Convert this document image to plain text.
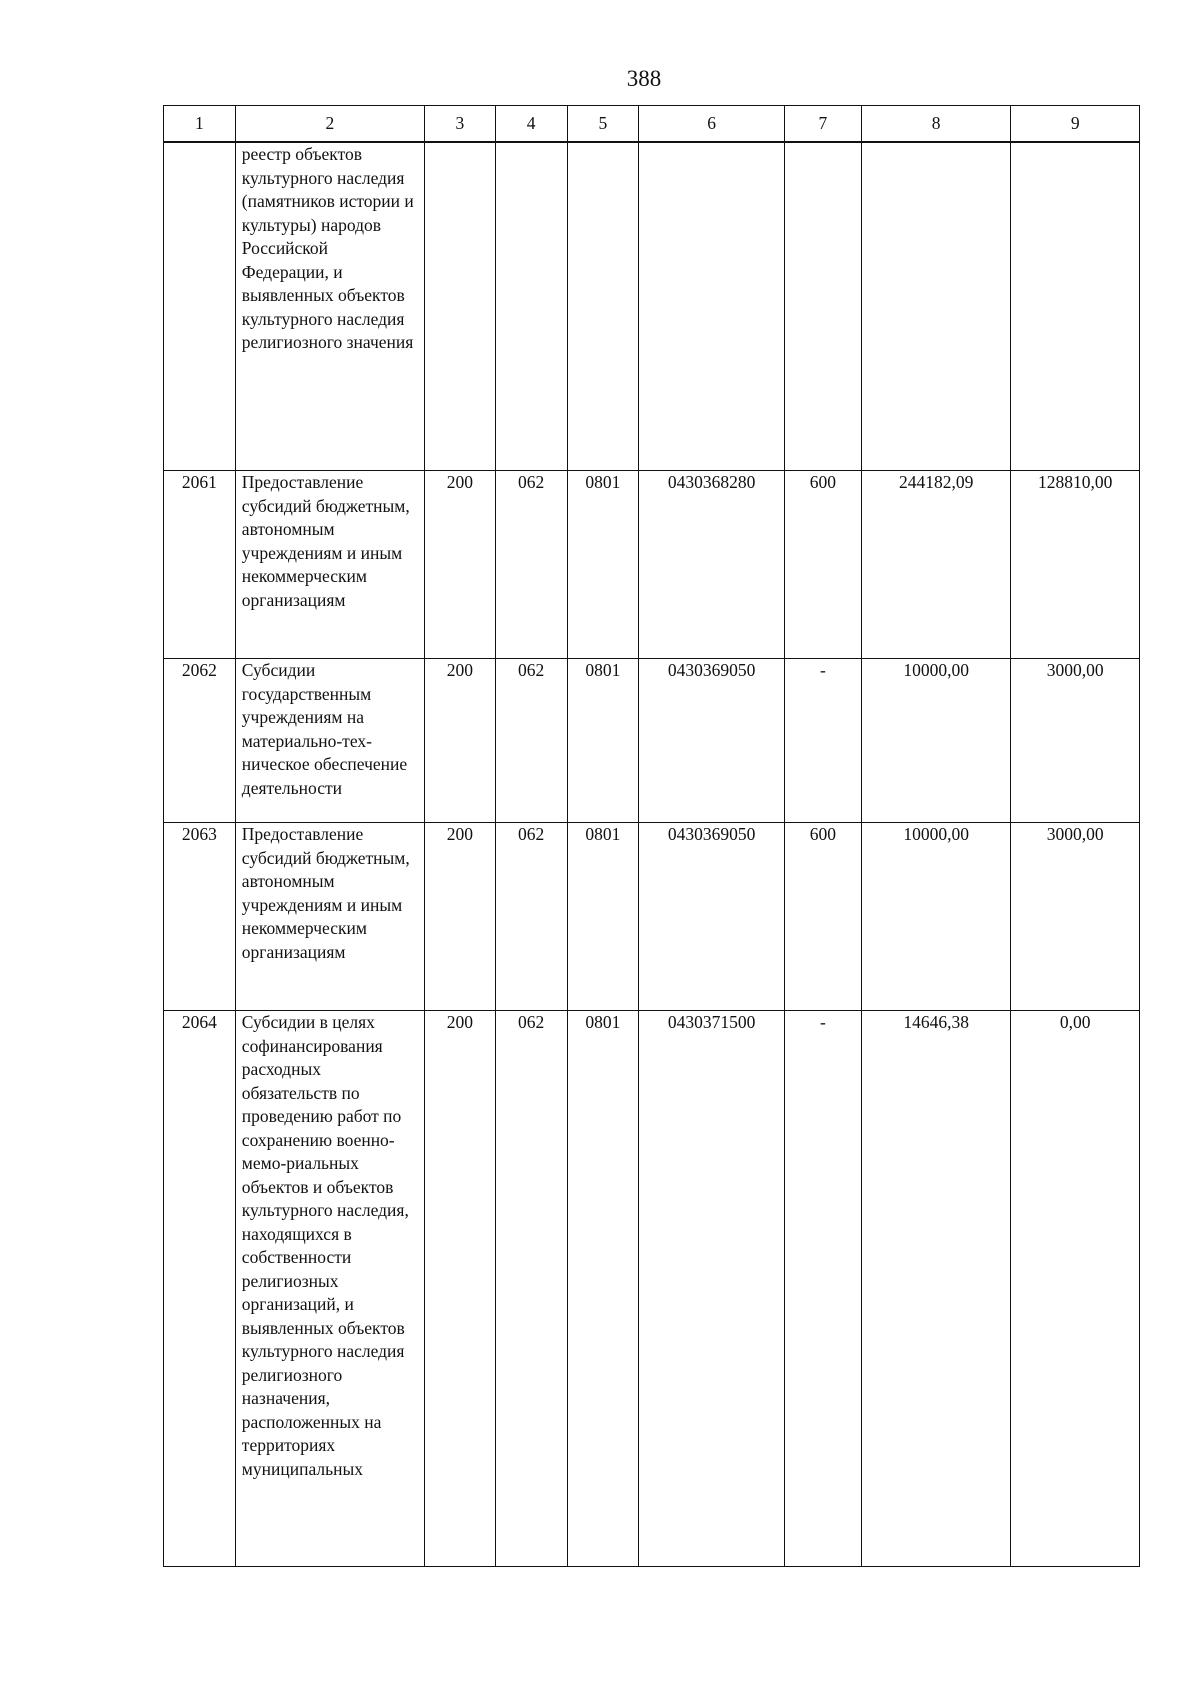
388
1	2	3	4	5	6	7	8	9
	реестр объектов культурного наследия (памятников истории и культуры) народов Российской Федерации, и выявленных объектов культурного наследия религиозного значения							
2061	Предоставление субсидий бюджетным, автономным учреждениям и иным некоммерческим организациям	200	062	0801	0430368280	600	244182,09	128810,00
2062	Субсидии государственным учреждениям на материально-тех-ническое обеспечение деятельности	200	062	0801	0430369050	-	10000,00	3000,00
2063	Предоставление субсидий бюджетным, автономным учреждениям и иным некоммерческим организациям	200	062	0801	0430369050	600	10000,00	3000,00
2064	Субсидии в целях софинансирования расходных обязательств по проведению работ по сохранению военно-мемо-риальных объектов и объектов культурного наследия, находящихся в собственности религиозных организаций, и выявленных объектов культурного наследия религиозного назначения, расположенных на территориях муниципальных	200	062	0801	0430371500	-	14646,38	0,00
